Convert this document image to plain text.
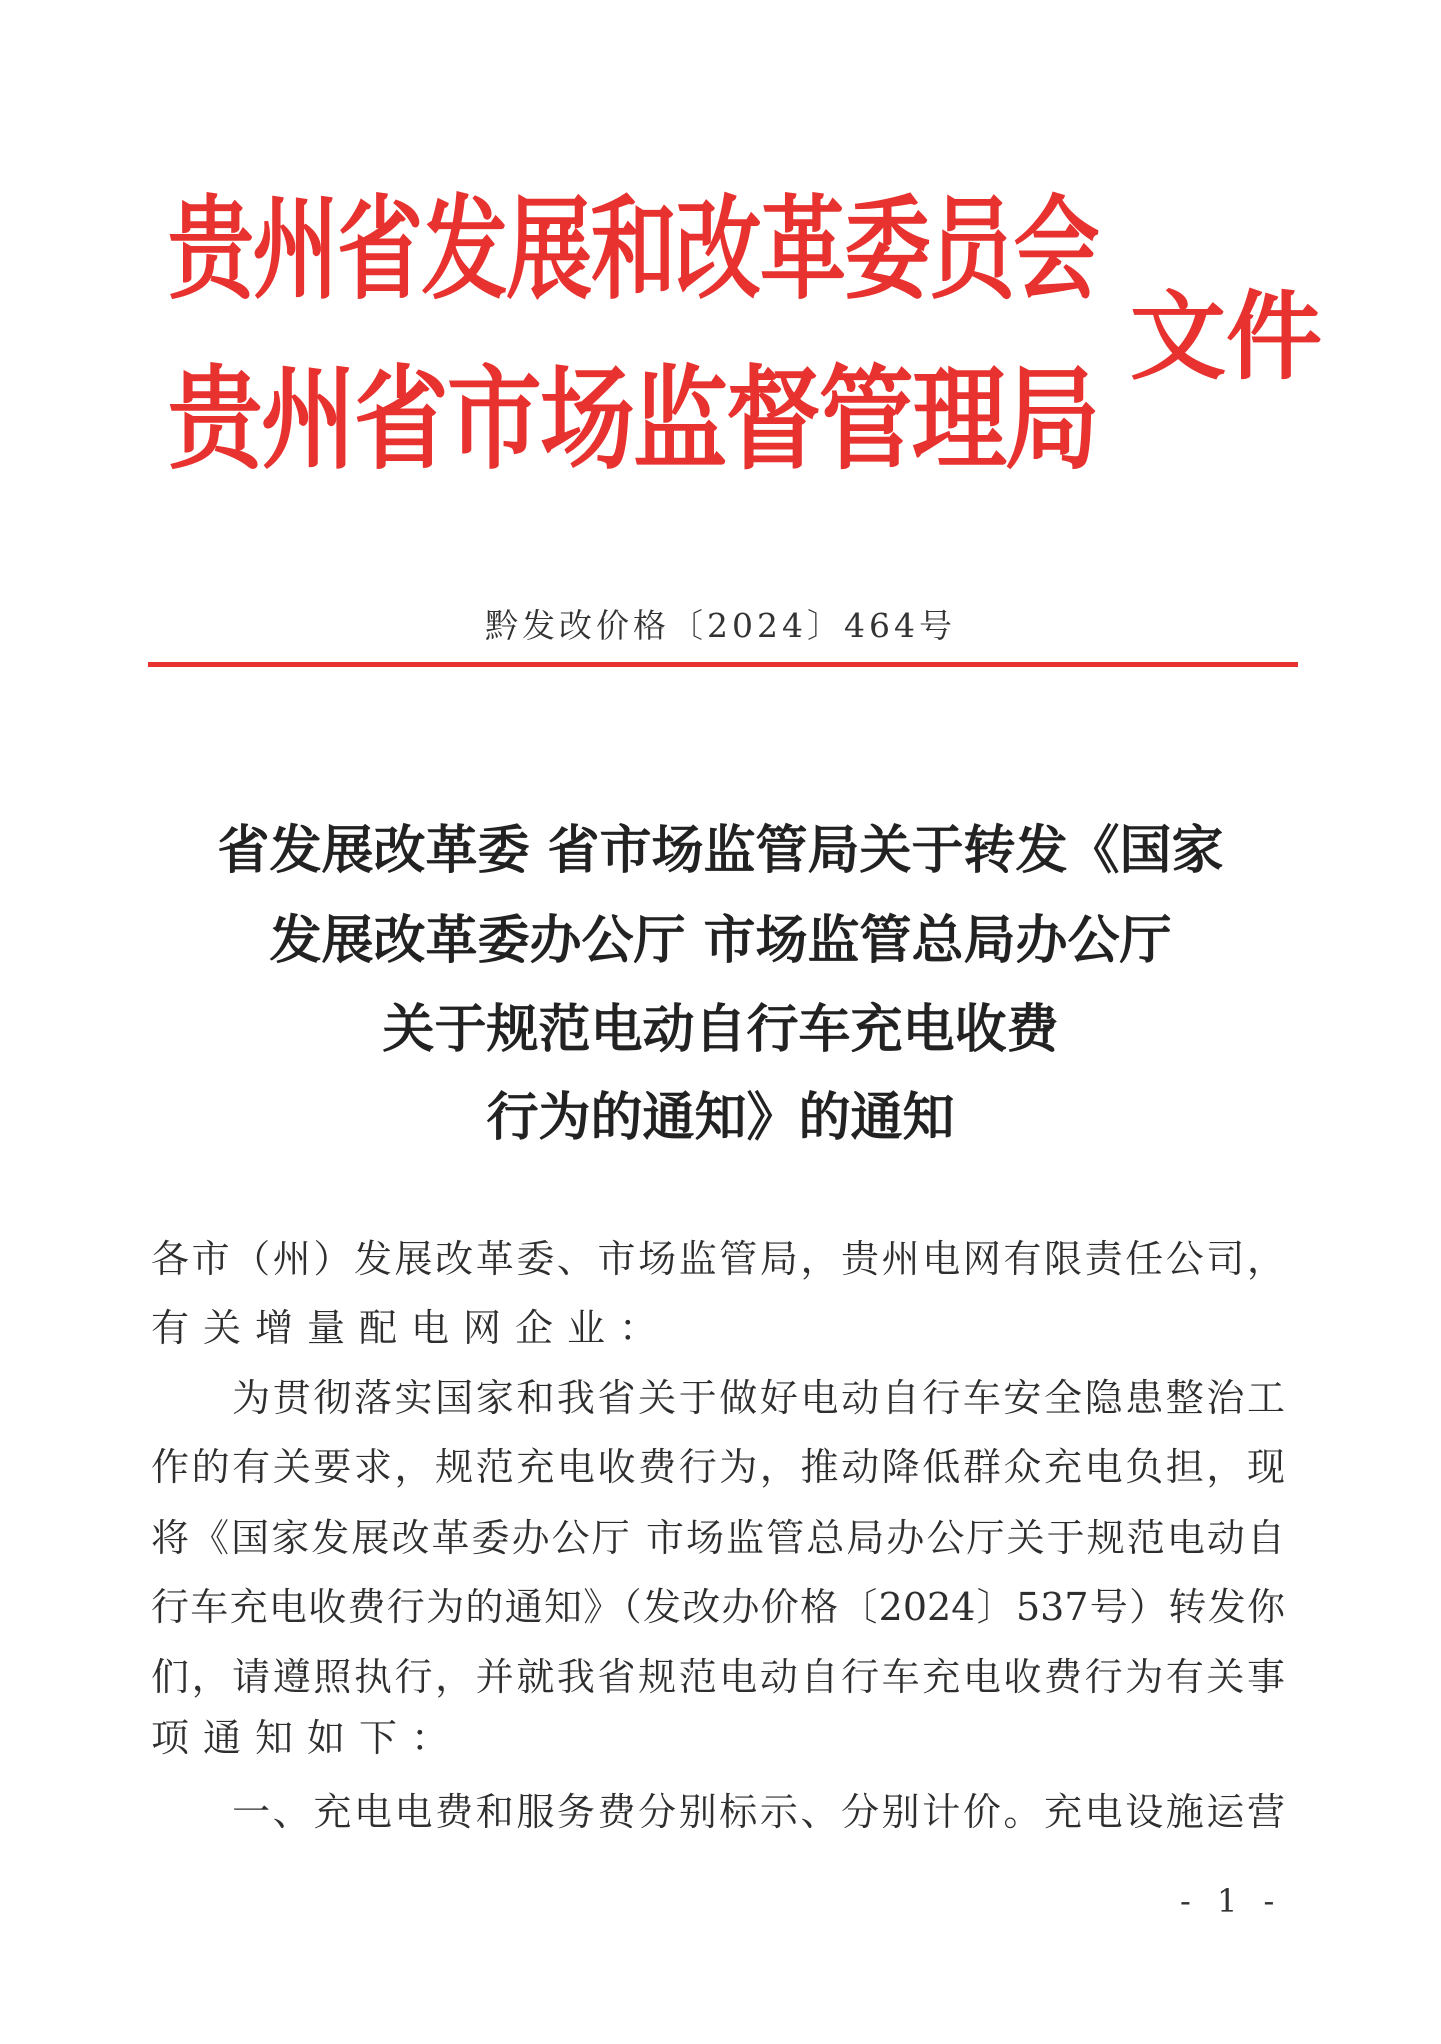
贵州省发展和改革委员会
贵州省市场监督管理局
文件
黔发改价格〔2024〕464号
省发展改革委 省市场监管局关于转发《国家
发展改革委办公厅 市场监管总局办公厅
关于规范电动自行车充电收费
行为的通知》的通知
各市（州）发展改革委、市场监管局，贵州电网有限责任公司，
有关增量配电网企业：
　　为贯彻落实国家和我省关于做好电动自行车安全隐患整治工
作的有关要求，规范充电收费行为，推动降低群众充电负担，现
将《国家发展改革委办公厅 市场监管总局办公厅关于规范电动自
行车充电收费行为的通知》（发改办价格〔2024〕537号）转发你
们，请遵照执行，并就我省规范电动自行车充电收费行为有关事
项通知如下：
　　一、充电电费和服务费分别标示、分别计价。充电设施运营
- 1 -
